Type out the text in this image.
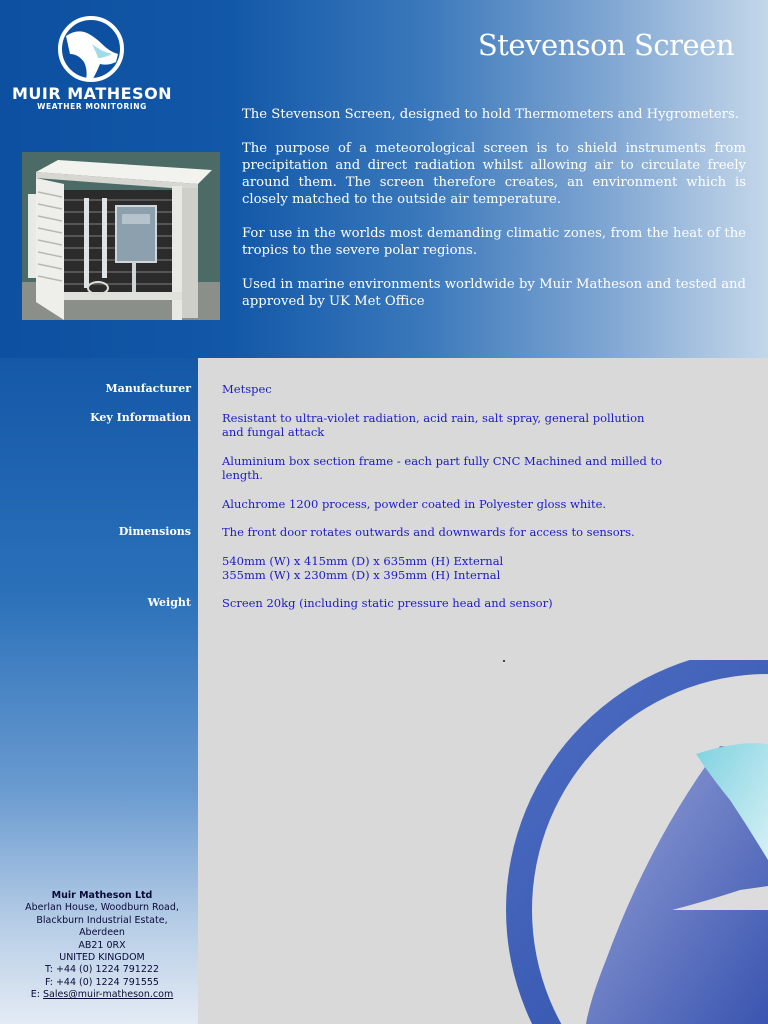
MUIR MATHESON
WEATHER MONITORING
Stevenson Screen

The Stevenson Screen, designed to hold Thermometers and Hygrometers.

The purpose of a meteorological screen is to shield instruments from precipitation and direct radiation whilst allowing air to circulate freely around them. The screen therefore creates, an environment which is closely matched to the outside air temperature.

For use in the worlds most demanding climatic zones, from the heat of the tropics to the severe polar regions.

Used in marine environments worldwide by Muir Matheson and tested and approved by UK Met Office

Manufacturer	Metspec
Key Information	Resistant to ultra-violet radiation, acid rain, salt spray, general pollution and fungal attack
Aluminium box section frame - each part fully CNC Machined and milled to length.
Aluchrome 1200 process, powder coated in Polyester gloss white.
Dimensions	The front door rotates outwards and downwards for access to sensors.
540mm (W) x 415mm (D) x 635mm (H) External
355mm (W) x 230mm (D) x 395mm (H) Internal
Weight	Screen 20kg (including static pressure head and sensor)
Muir Matheson Ltd
Aberlan House, Woodburn Road,
Blackburn Industrial Estate,
Aberdeen
AB21 0RX
UNITED KINGDOM
T: +44 (0) 1224 791222
F: +44 (0) 1224 791555
E: Sales@muir-matheson.com
